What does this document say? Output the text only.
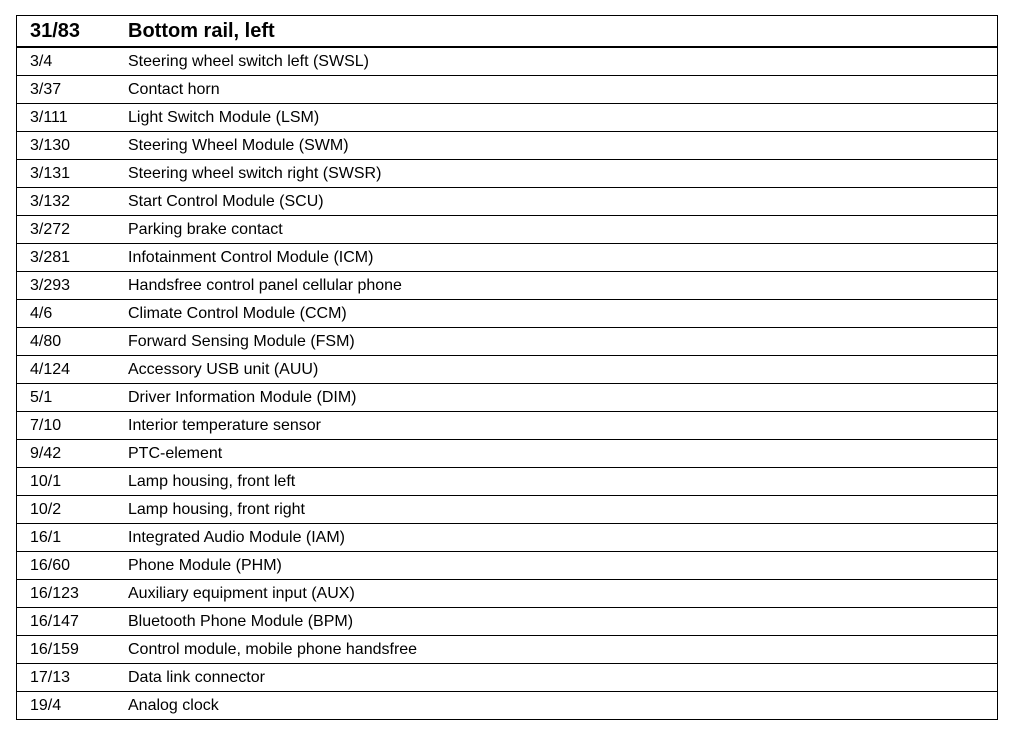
31/83	Bottom rail, left
3/4	Steering wheel switch left (SWSL)
3/37	Contact horn
3/111	Light Switch Module (LSM)
3/130	Steering Wheel Module (SWM)
3/131	Steering wheel switch right (SWSR)
3/132	Start Control Module (SCU)
3/272	Parking brake contact
3/281	Infotainment Control Module (ICM)
3/293	Handsfree control panel cellular phone
4/6	Climate Control Module (CCM)
4/80	Forward Sensing Module (FSM)
4/124	Accessory USB unit (AUU)
5/1	Driver Information Module (DIM)
7/10	Interior temperature sensor
9/42	PTC-element
10/1	Lamp housing, front left
10/2	Lamp housing, front right
16/1	Integrated Audio Module (IAM)
16/60	Phone Module (PHM)
16/123	Auxiliary equipment input (AUX)
16/147	Bluetooth Phone Module (BPM)
16/159	Control module, mobile phone handsfree
17/13	Data link connector
19/4	Analog clock
